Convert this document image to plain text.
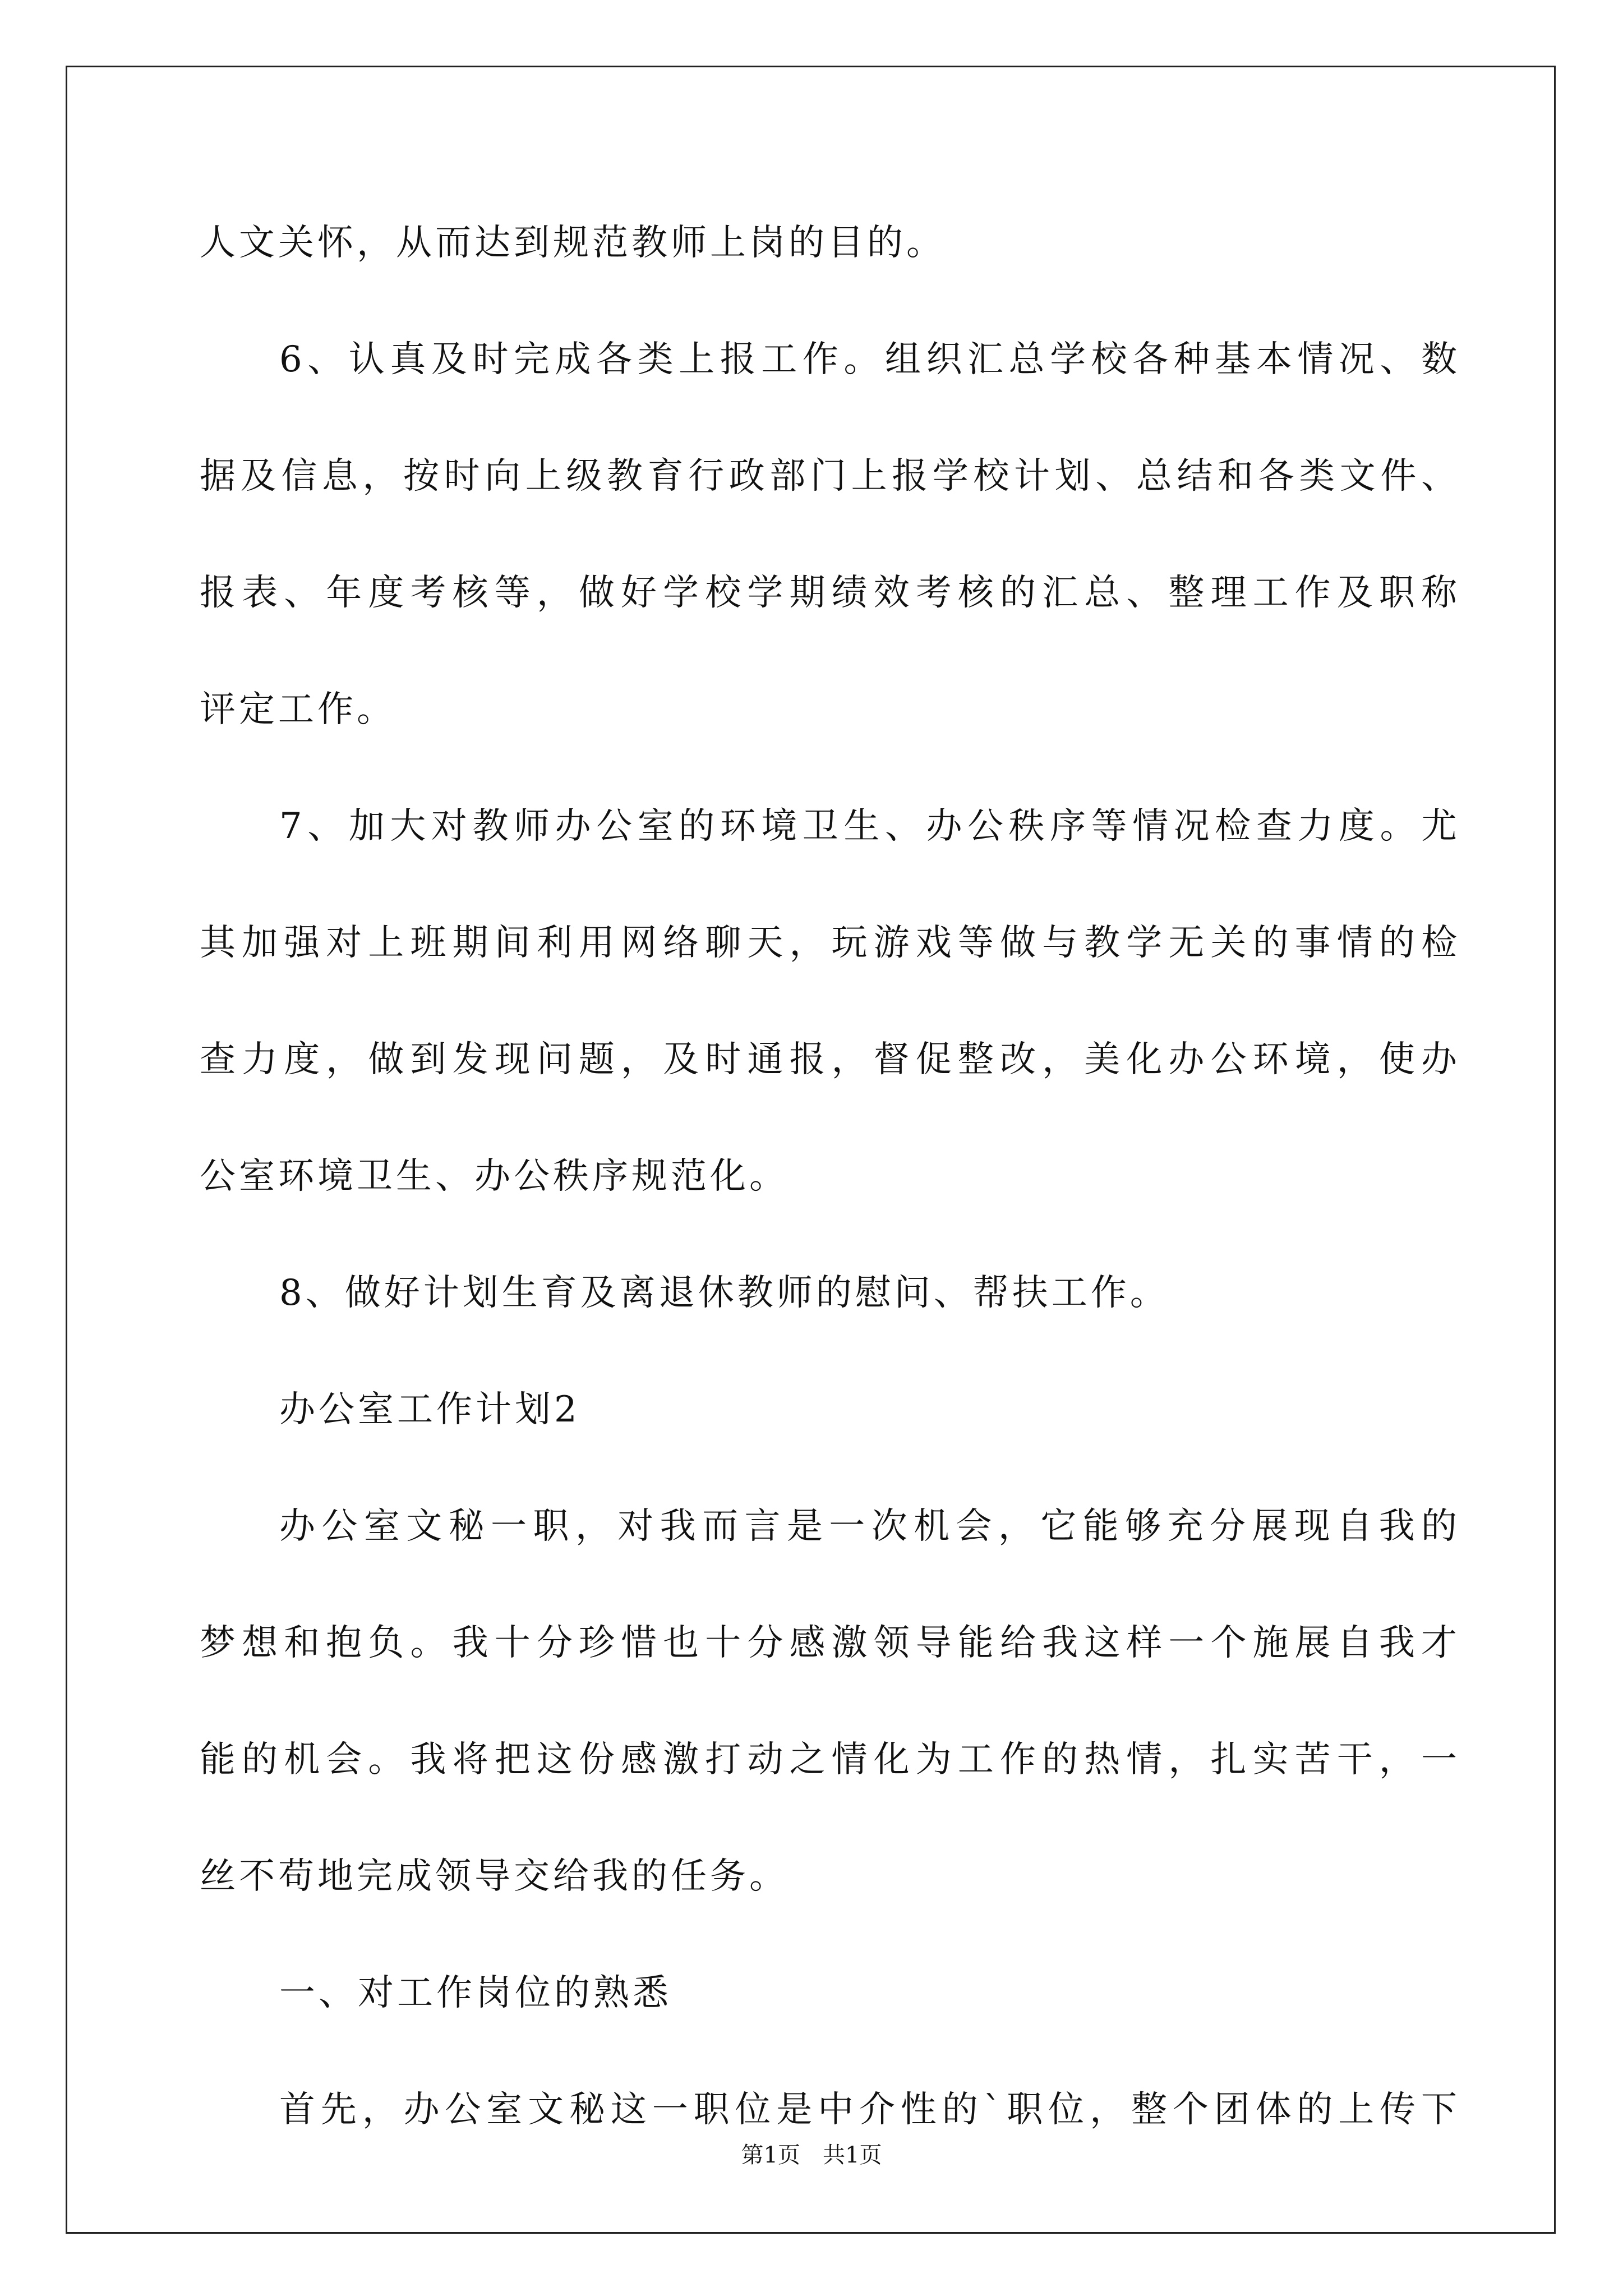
人文关怀，从而达到规范教师上岗的目的。
6、认真及时完成各类上报工作。组织汇总学校各种基本情况、数
据及信息，按时向上级教育行政部门上报学校计划、总结和各类文件、
报表、年度考核等，做好学校学期绩效考核的汇总、整理工作及职称
评定工作。
7、加大对教师办公室的环境卫生、办公秩序等情况检查力度。尤
其加强对上班期间利用网络聊天，玩游戏等做与教学无关的事情的检
查力度，做到发现问题，及时通报，督促整改，美化办公环境，使办
公室环境卫生、办公秩序规范化。
8、做好计划生育及离退休教师的慰问、帮扶工作。
办公室工作计划2
办公室文秘一职，对我而言是一次机会，它能够充分展现自我的
梦想和抱负。我十分珍惜也十分感激领导能给我这样一个施展自我才
能的机会。我将把这份感激打动之情化为工作的热情，扎实苦干，一
丝不苟地完成领导交给我的任务。
一、对工作岗位的熟悉
首先，办公室文秘这一职位是中介性的`职位，整个团体的上传下
第1页　共1页
